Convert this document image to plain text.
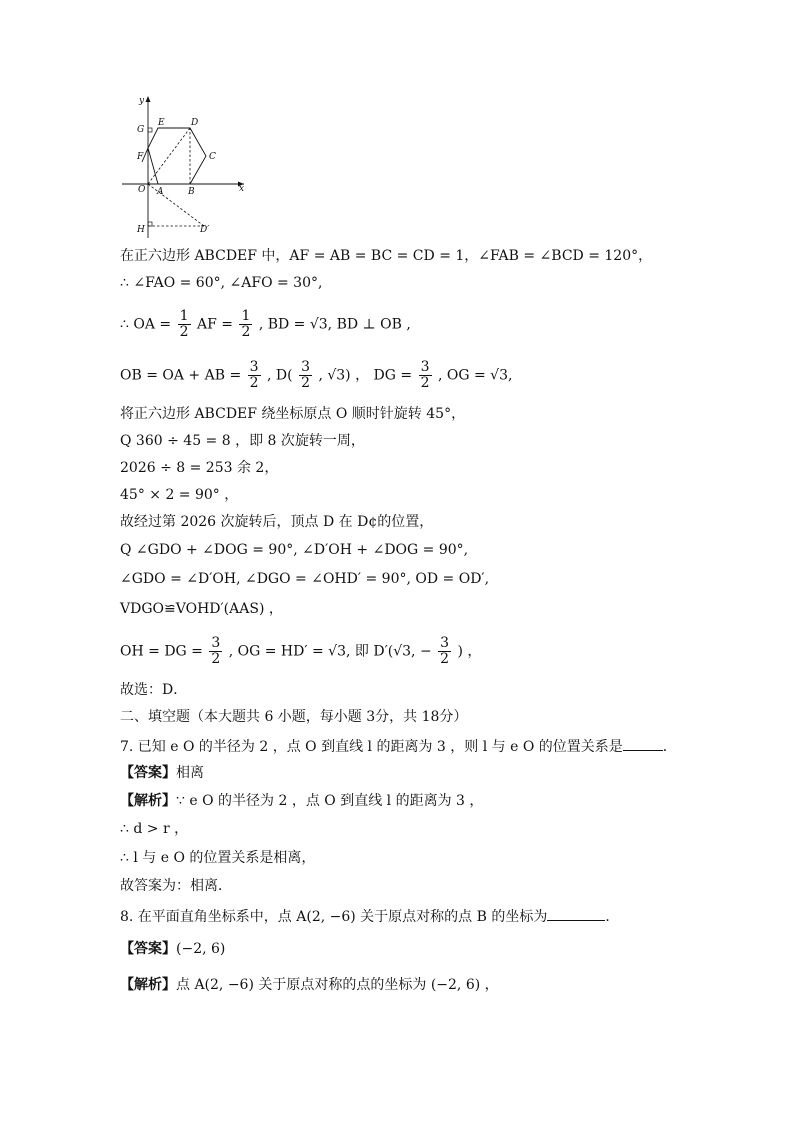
y
x
G
E	D
F	C
O A	B
H	D′
在正六边形 ABCDEF 中，AF = AB = BC = CD = 1，∠FAB = ∠BCD = 120°，
∴ ∠FAO = 60°, ∠AFO = 30°,
∴ OA = $\frac{1}{2}$ AF = $\frac{1}{2}$ , BD = √3, BD ⊥ OB ,
OB = OA + AB = $\frac{3}{2}$ , $D( \frac{3}{2}$ , √3) ， DG = $\frac{3}{2}$ , OG = √3,
将正六边形 ABCDEF 绕坐标原点 O 顺时针旋转 45°，
Q 360 ÷ 45 = 8 ，即 8 次旋转一周，
2026 ÷ 8 = 253 余 2，
45° × 2 = 90° ，
故经过第 2026 次旋转后，顶点 D 在 D¢的位置，
Q ∠GDO + ∠DOG = 90°, ∠D′OH + ∠DOG = 90°,
∠GDO = ∠D′OH, ∠DGO = ∠OHD′ = 90°, OD = OD′,
VDGO≌VOHD′(AAS) ，
OH = DG = $\frac{3}{2}$ , OG = HD′ = √3, 即 D′(√3, − $\frac{3}{2}$ ) ，
故选：D．
二、填空题（本大题共 6 小题，每小题 3分，共 18分）
7. 已知 e O 的半径为 2 ，点 O 到直线 l 的距离为 3 ，则 l 与 e O 的位置关系是	．
【答案】相离
【解析】∵ e O 的半径为 2 ，点 O 到直线 l 的距离为 3 ，
∴ d > r ，
∴ l 与 e O 的位置关系是相离，
故答案为：相离．
8. 在平面直角坐标系中，点 A(2, −6) 关于原点对称的点 B 的坐标为	．
【答案】(−2, 6)
【解析】点 A(2, −6) 关于原点对称的点的坐标为 (−2, 6) ，
